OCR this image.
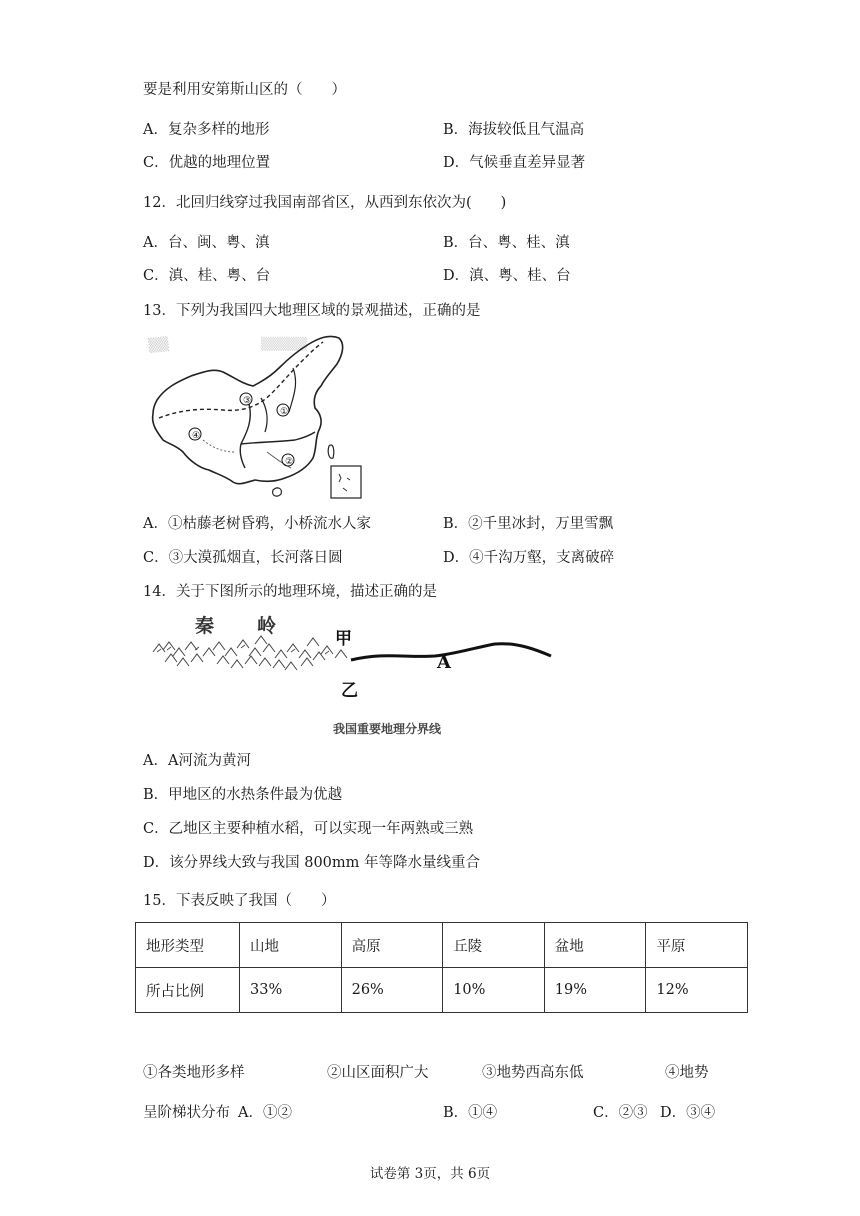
要是利用安第斯山区的（　　）
A．复杂多样的地形	B．海拔较低且气温高
C．优越的地理位置	D．气候垂直差异显著
12．北回归线穿过我国南部省区，从西到东依次为(　　)
A．台、闽、粤、滇	B．台、粤、桂、滇
C．滇、桂、粤、台	D．滇、粤、桂、台
13．下列为我国四大地理区域的景观描述，正确的是
▒▒	▒▒▒▒▒
③
①
④
②
A．①枯藤老树昏鸦，小桥流水人家	B．②千里冰封，万里雪飘
C．③大漠孤烟直，长河落日圆	D．④千沟万壑，支离破碎
14．关于下图所示的地理环境，描述正确的是
秦 岭
甲
乙
A
我国重要地理分界线
A．A河流为黄河
B．甲地区的水热条件最为优越
C．乙地区主要种植水稻，可以实现一年两熟或三熟
D．该分界线大致与我国 800mm 年等降水量线重合
15．下表反映了我国（　　）
地形类型	山地	高原	丘陵	盆地	平原
所占比例	33%	26%	10%	19%	12%
①各类地形多样	②山区面积广大	③地势西高东低	④地势
呈阶梯状分布 A．①②	B．①④	C．②③ D．③④
试卷第 3页，共 6页
